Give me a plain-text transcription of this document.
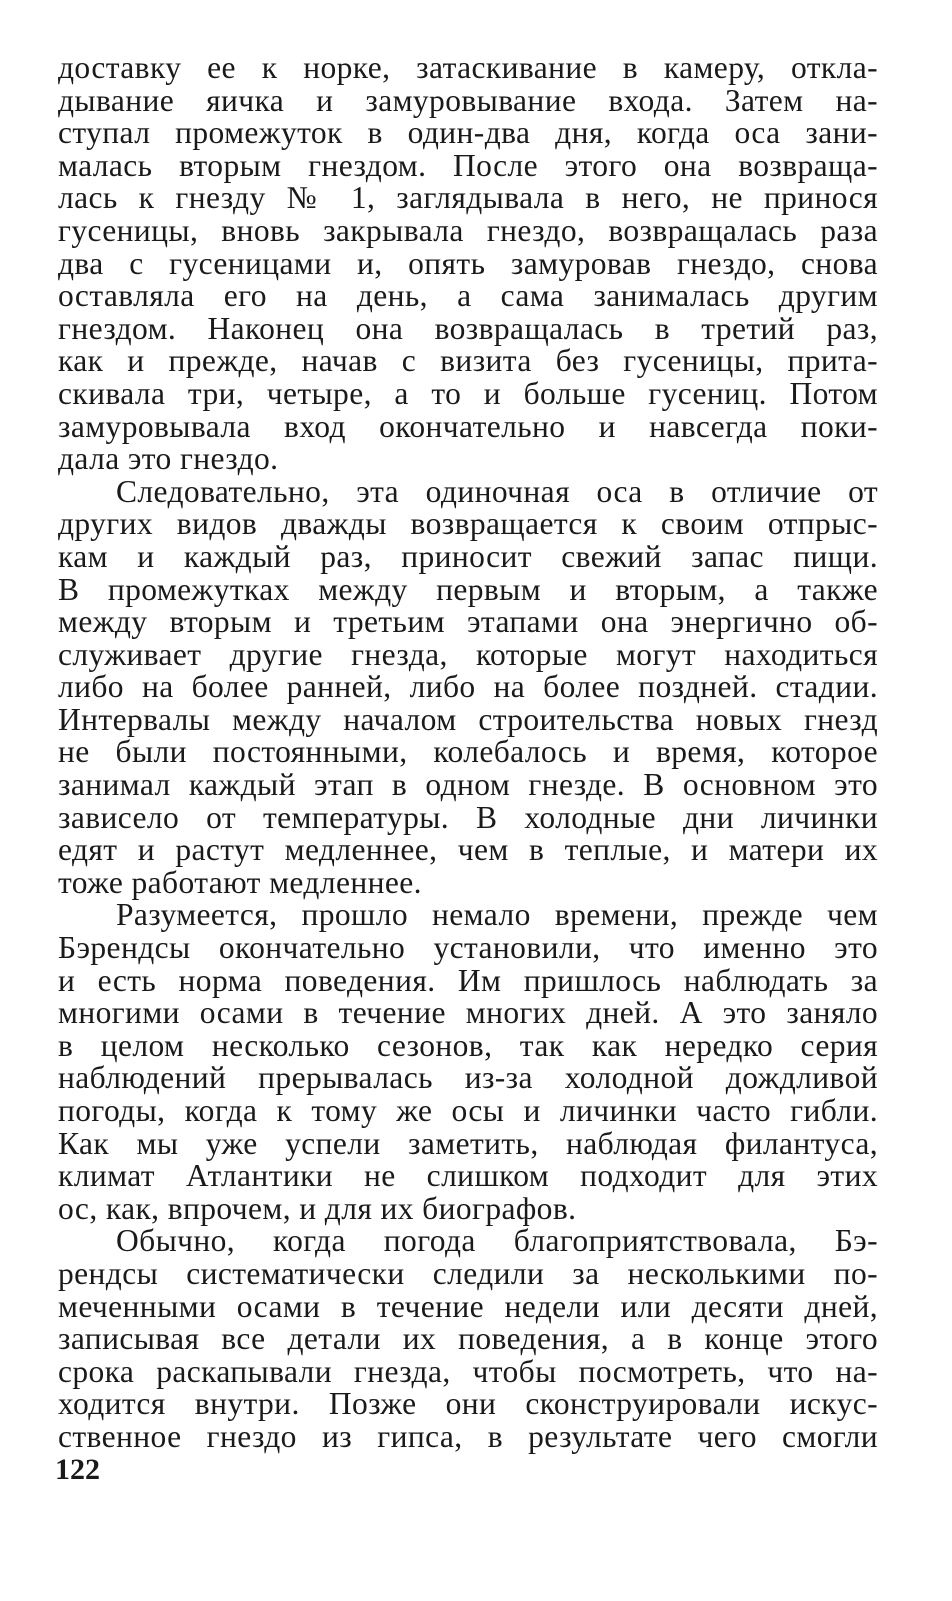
доставку ее к норке, затаскивание в камеру, откла-
дывание яичка и замуровывание входа. Затем на-
ступал промежуток в один-два дня, когда оса зани-
малась вторым гнездом. После этого она возвраща-
лась к гнезду № 1, заглядывала в него, не принося
гусеницы, вновь закрывала гнездо, возвращалась раза
два с гусеницами и, опять замуровав гнездо, снова
оставляла его на день, а сама занималась другим
гнездом. Наконец она возвращалась в третий раз,
как и прежде, начав с визита без гусеницы, прита-
скивала три, четыре, а то и больше гусениц. Потом
замуровывала вход окончательно и навсегда поки-
дала это гнездо.
Следовательно, эта одиночная оса в отличие от
других видов дважды возвращается к своим отпрыс-
кам и каждый раз, приносит свежий запас пищи.
В промежутках между первым и вторым, а также
между вторым и третьим этапами она энергично об-
служивает другие гнезда, которые могут находиться
либо на более ранней, либо на более поздней. стадии.
Интервалы между началом строительства новых гнезд
не были постоянными, колебалось и время, которое
занимал каждый этап в одном гнезде. В основном это
зависело от температуры. В холодные дни личинки
едят и растут медленнее, чем в теплые, и матери их
тоже работают медленнее.
Разумеется, прошло немало времени, прежде чем
Бэрендсы окончательно установили, что именно это
и есть норма поведения. Им пришлось наблюдать за
многими осами в течение многих дней. А это заняло
в целом несколько сезонов, так как нередко серия
наблюдений прерывалась из-за холодной дождливой
погоды, когда к тому же осы и личинки часто гибли.
Как мы уже успели заметить, наблюдая филантуса,
климат Атлантики не слишком подходит для этих
ос, как, впрочем, и для их биографов.
Обычно, когда погода благоприятствовала, Бэ-
рендсы систематически следили за несколькими по-
меченными осами в течение недели или десяти дней,
записывая все детали их поведения, а в конце этого
срока раскапывали гнезда, чтобы посмотреть, что на-
ходится внутри. Позже они сконструировали искус-
ственное гнездо из гипса, в результате чего смогли
122
